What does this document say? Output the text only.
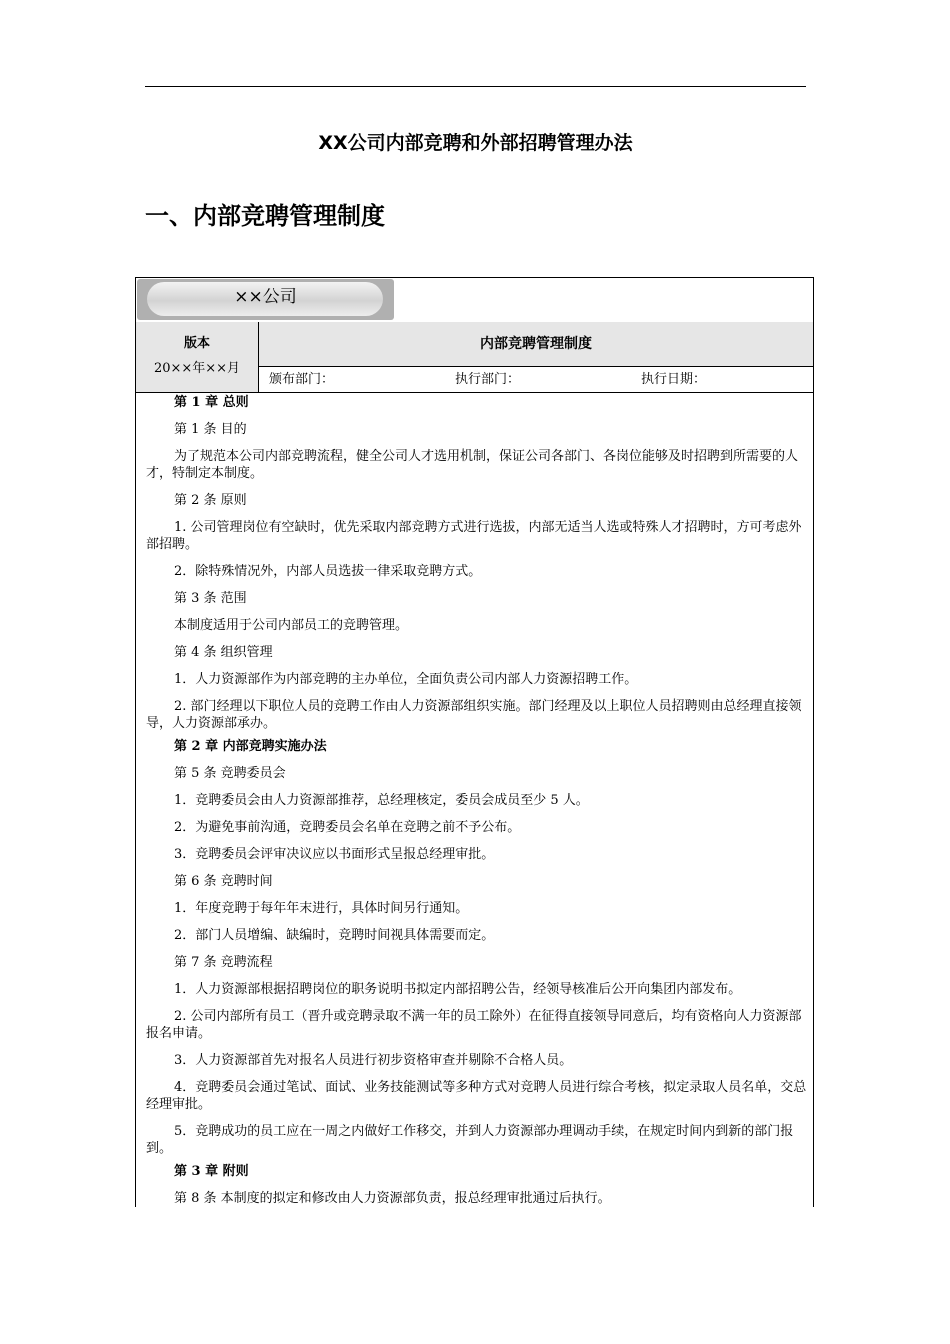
XX公司内部竞聘和外部招聘管理办法
一、内部竞聘管理制度
××公司
版本
20××年××月
内部竞聘管理制度
颁布部门：	执行部门：	执行日期：

第 1 章 总则

第 1 条 目的

为了规范本公司内部竞聘流程，健全公司人才选用机制，保证公司各部门、各岗位能够及时招聘到所需要的人才，特制定本制度。

第 2 条 原则

1. 公司管理岗位有空缺时，优先采取内部竞聘方式进行选拔，内部无适当人选或特殊人才招聘时，方可考虑外部招聘。

2．除特殊情况外，内部人员选拔一律采取竞聘方式。

第 3 条 范围

本制度适用于公司内部员工的竞聘管理。

第 4 条 组织管理

1．人力资源部作为内部竞聘的主办单位，全面负责公司内部人力资源招聘工作。

2. 部门经理以下职位人员的竞聘工作由人力资源部组织实施。部门经理及以上职位人员招聘则由总经理直接领导，人力资源部承办。

第 2 章 内部竞聘实施办法

第 5 条 竞聘委员会

1．竞聘委员会由人力资源部推荐，总经理核定，委员会成员至少 5 人。

2．为避免事前沟通，竞聘委员会名单在竞聘之前不予公布。

3．竞聘委员会评审决议应以书面形式呈报总经理审批。

第 6 条 竞聘时间

1．年度竞聘于每年年末进行，具体时间另行通知。

2．部门人员增编、缺编时，竞聘时间视具体需要而定。

第 7 条 竞聘流程

1．人力资源部根据招聘岗位的职务说明书拟定内部招聘公告，经领导核准后公开向集团内部发布。

2. 公司内部所有员工（晋升或竞聘录取不满一年的员工除外）在征得直接领导同意后，均有资格向人力资源部报名申请。

3．人力资源部首先对报名人员进行初步资格审查并剔除不合格人员。

4．竞聘委员会通过笔试、面试、业务技能测试等多种方式对竞聘人员进行综合考核，拟定录取人员名单，交总经理审批。

5．竞聘成功的员工应在一周之内做好工作移交，并到人力资源部办理调动手续，在规定时间内到新的部门报到。

第 3 章 附则

第 8 条 本制度的拟定和修改由人力资源部负责，报总经理审批通过后执行。
